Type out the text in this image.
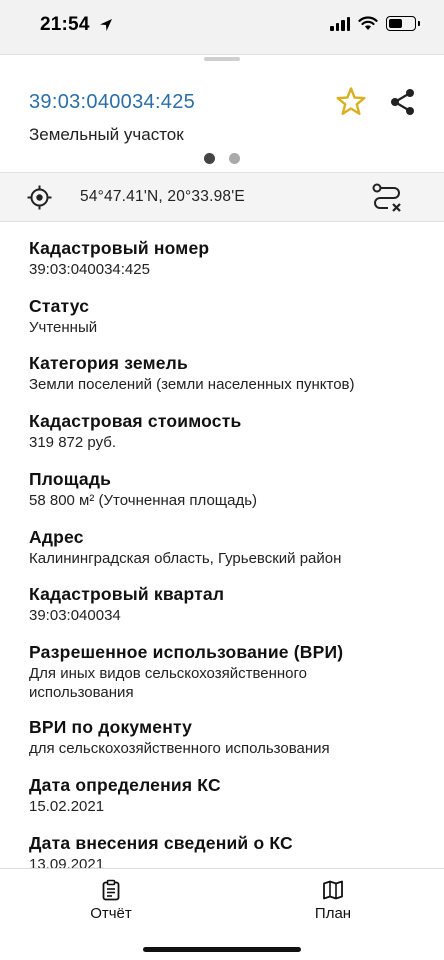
21:54
39:03:040034:425
Земельный участок
54°47.41'N, 20°33.98'E
Кадастровый номер
39:03:040034:425
Статус
Учтенный
Категория земель
Земли поселений (земли населенных пунктов)
Кадастровая стоимость
319 872 руб.
Площадь
58 800 м² (Уточненная площадь)
Адрес
Калининградская область, Гурьевский район
Кадастровый квартал
39:03:040034
Разрешенное использование (ВРИ)
Для иных видов сельскохозяйственного использования
ВРИ по документу
для сельскохозяйственного использования
Дата определения КС
15.02.2021
Дата внесения сведений о КС
13.09.2021
Отчёт	План
